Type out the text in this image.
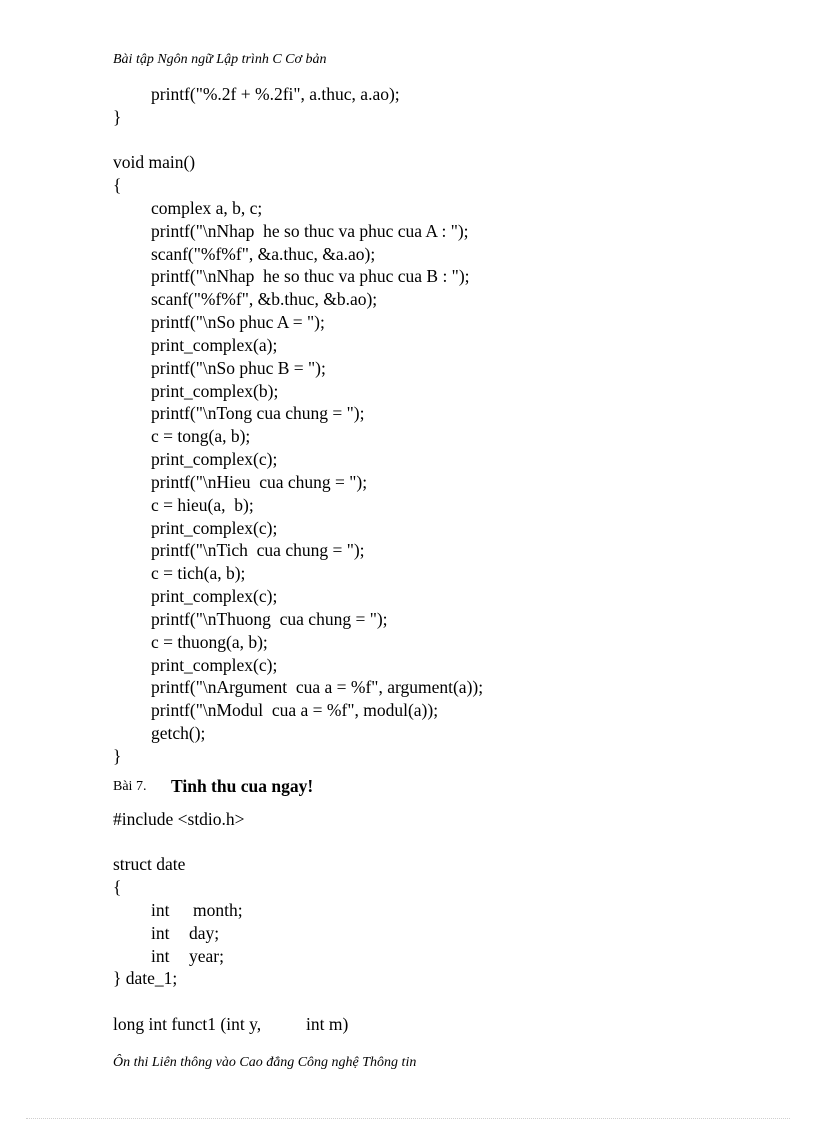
Bài tập Ngôn ngữ Lập trình C Cơ bản
printf("%.2f + %.2fi", a.thuc, a.ao);
}
void main()
{
complex a, b, c;
printf("\nNhap  he so thuc va phuc cua A : ");
scanf("%f%f", &a.thuc, &a.ao);
printf("\nNhap  he so thuc va phuc cua B : ");
scanf("%f%f", &b.thuc, &b.ao);
printf("\nSo phuc A = ");
print_complex(a);
printf("\nSo phuc B = ");
print_complex(b);
printf("\nTong cua chung = ");
c = tong(a, b);
print_complex(c);
printf("\nHieu  cua chung = ");
c = hieu(a,  b);
print_complex(c);
printf("\nTich  cua chung = ");
c = tich(a, b);
print_complex(c);
printf("\nThuong  cua chung = ");
c = thuong(a, b);
print_complex(c);
printf("\nArgument  cua a = %f", argument(a));
printf("\nModul  cua a = %f", modul(a));
getch();
}
Bài 7. Tinh thu cua ngay!
#include <stdio.h>
struct date
{
int month;
int day;
int year;
} date_1;
long int funct1 (int y,	int m)
Ôn thi Liên thông vào Cao đẳng Công nghệ Thông tin
